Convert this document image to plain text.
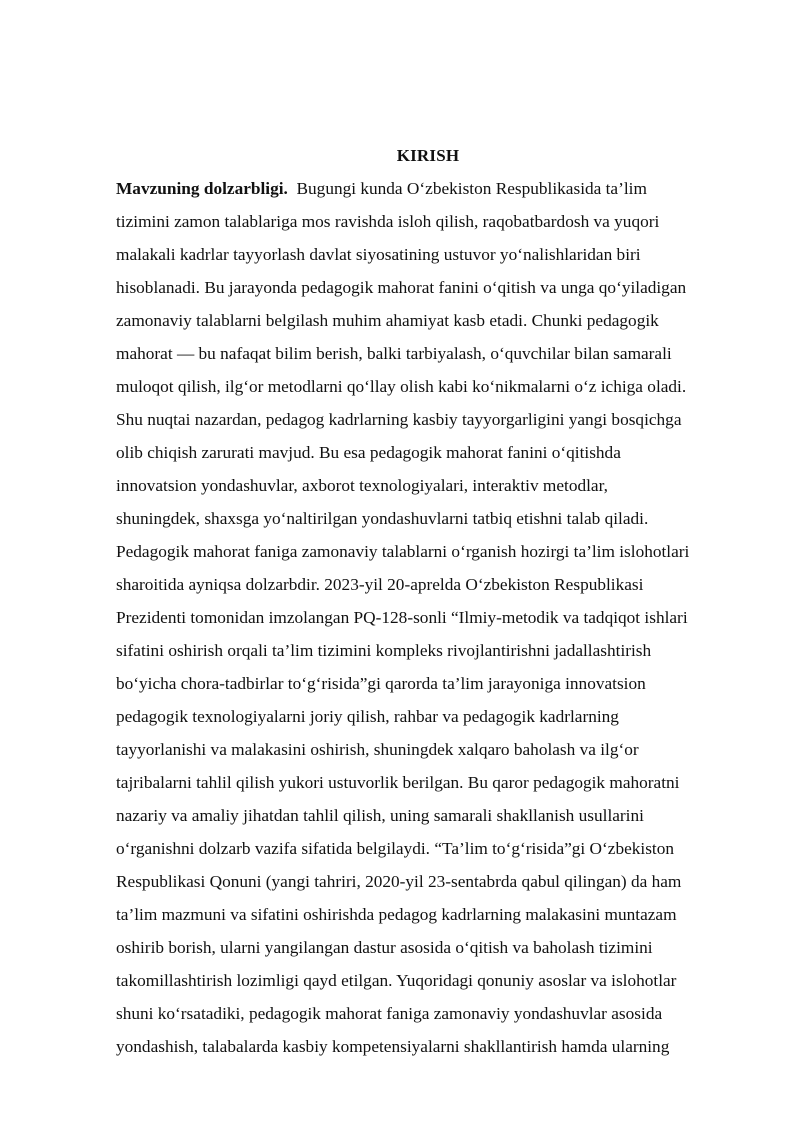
KIRISH
Mavzuning dolzarbligi.  Bugungi kunda O‘zbekiston Respublikasida ta’lim
tizimini zamon talablariga mos ravishda isloh qilish, raqobatbardosh va yuqori
malakali kadrlar tayyorlash davlat siyosatining ustuvor yo‘nalishlaridan biri
hisoblanadi. Bu jarayonda pedagogik mahorat fanini o‘qitish va unga qo‘yiladigan
zamonaviy talablarni belgilash muhim ahamiyat kasb etadi. Chunki pedagogik
mahorat — bu nafaqat bilim berish, balki tarbiyalash, o‘quvchilar bilan samarali
muloqot qilish, ilg‘or metodlarni qo‘llay olish kabi ko‘nikmalarni o‘z ichiga oladi.
Shu nuqtai nazardan, pedagog kadrlarning kasbiy tayyorgarligini yangi bosqichga
olib chiqish zarurati mavjud. Bu esa pedagogik mahorat fanini o‘qitishda
innovatsion yondashuvlar, axborot texnologiyalari, interaktiv metodlar,
shuningdek, shaxsga yo‘naltirilgan yondashuvlarni tatbiq etishni talab qiladi.
Pedagogik mahorat faniga zamonaviy talablarni o‘rganish hozirgi ta’lim islohotlari
sharoitida ayniqsa dolzarbdir. 2023-yil 20-aprelda O‘zbekiston Respublikasi
Prezidenti tomonidan imzolangan PQ-128-sonli “Ilmiy-metodik va tadqiqot ishlari
sifatini oshirish orqali ta’lim tizimini kompleks rivojlantirishni jadallashtirish
bo‘yicha chora-tadbirlar to‘g‘risida”gi qarorda ta’lim jarayoniga innovatsion
pedagogik texnologiyalarni joriy qilish, rahbar va pedagogik kadrlarning
tayyorlanishi va malakasini oshirish, shuningdek xalqaro baholash va ilg‘or
tajribalarni tahlil qilish yukori ustuvorlik berilgan. Bu qaror pedagogik mahoratni
nazariy va amaliy jihatdan tahlil qilish, uning samarali shakllanish usullarini
o‘rganishni dolzarb vazifa sifatida belgilaydi. “Ta’lim to‘g‘risida”gi O‘zbekiston
Respublikasi Qonuni (yangi tahriri, 2020-yil 23-sentabrda qabul qilingan) da ham
ta’lim mazmuni va sifatini oshirishda pedagog kadrlarning malakasini muntazam
oshirib borish, ularni yangilangan dastur asosida o‘qitish va baholash tizimini
takomillashtirish lozimligi qayd etilgan. Yuqoridagi qonuniy asoslar va islohotlar
shuni ko‘rsatadiki, pedagogik mahorat faniga zamonaviy yondashuvlar asosida
yondashish, talabalarda kasbiy kompetensiyalarni shakllantirish hamda ularning
